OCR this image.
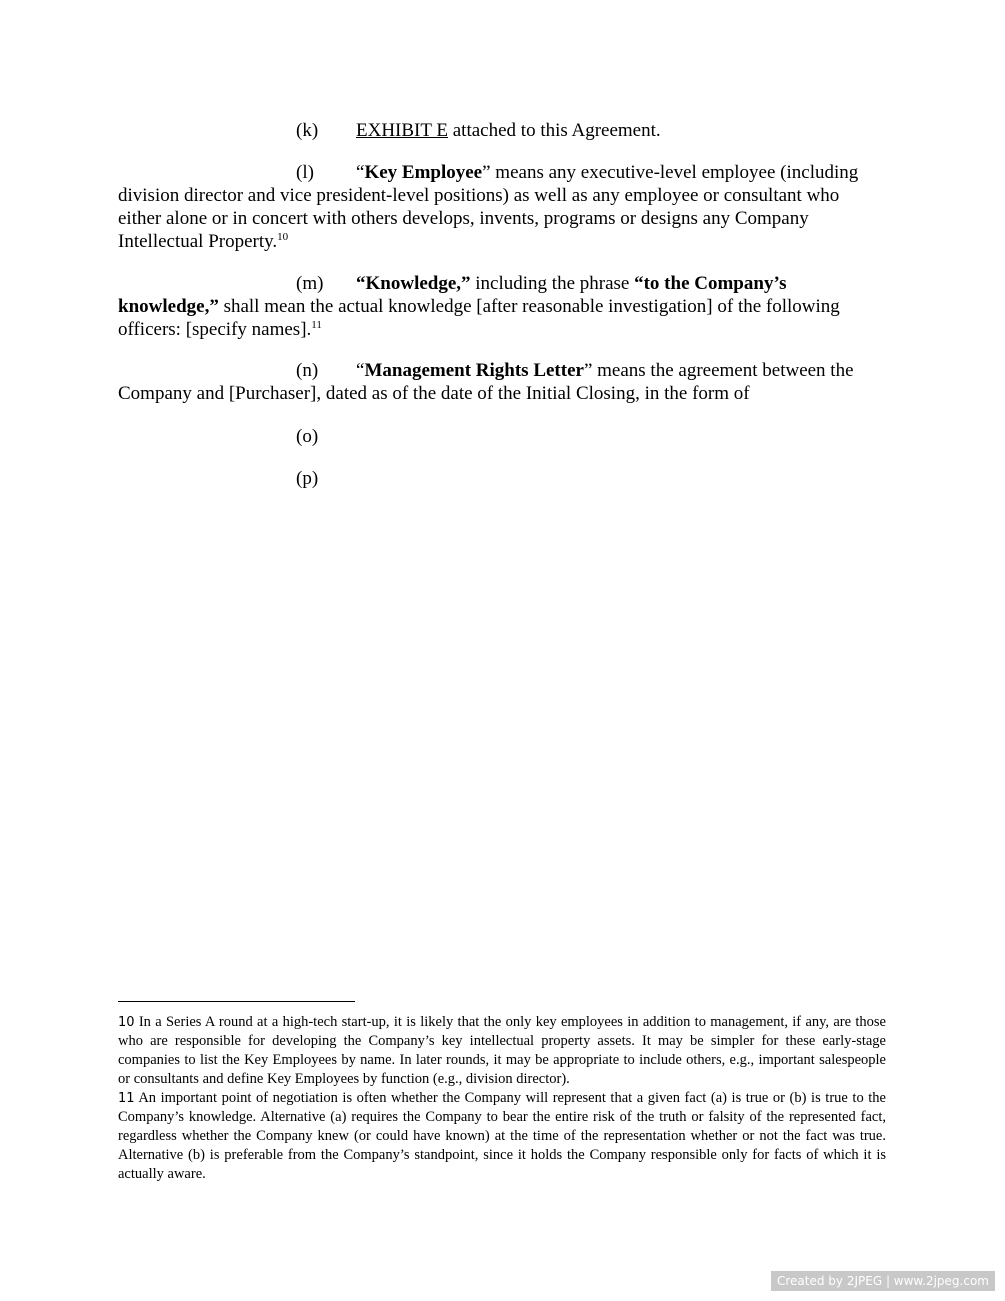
(k) EXHIBIT E attached to this Agreement.

(l) “Key Employee” means any executive-level employee (including division director and vice president-level positions) as well as any employee or consultant who either alone or in concert with others develops, invents, programs or designs any Company Intellectual Property.$^{10}$

(m) “Knowledge,” including the phrase “to the Company’s knowledge,” shall mean the actual knowledge [after reasonable investigation] of the following officers: [specify names].$^{11}$

(n) “Management Rights Letter” means the agreement between the Company and [Purchaser], dated as of the date of the Initial Closing, in the form of

(o)
(p)

10 In a Series A round at a high-tech start-up, it is likely that the only key employees in addition to management, if any, are those who are responsible for developing the Company’s key intellectual property assets. It may be simpler for these early-stage companies to list the Key Employees by name. In later rounds, it may be appropriate to include others, e.g., important salespeople or consultants and define Key Employees by function (e.g., division director).

11 An important point of negotiation is often whether the Company will represent that a given fact (a) is true or (b) is true to the Company’s knowledge. Alternative (a) requires the Company to bear the entire risk of the truth or falsity of the represented fact, regardless whether the Company knew (or could have known) at the time of the representation whether or not the fact was true. Alternative (b) is preferable from the Company’s standpoint, since it holds the Company responsible only for facts of which it is actually aware.

Created by 2JPEG | www.2jpeg.com
